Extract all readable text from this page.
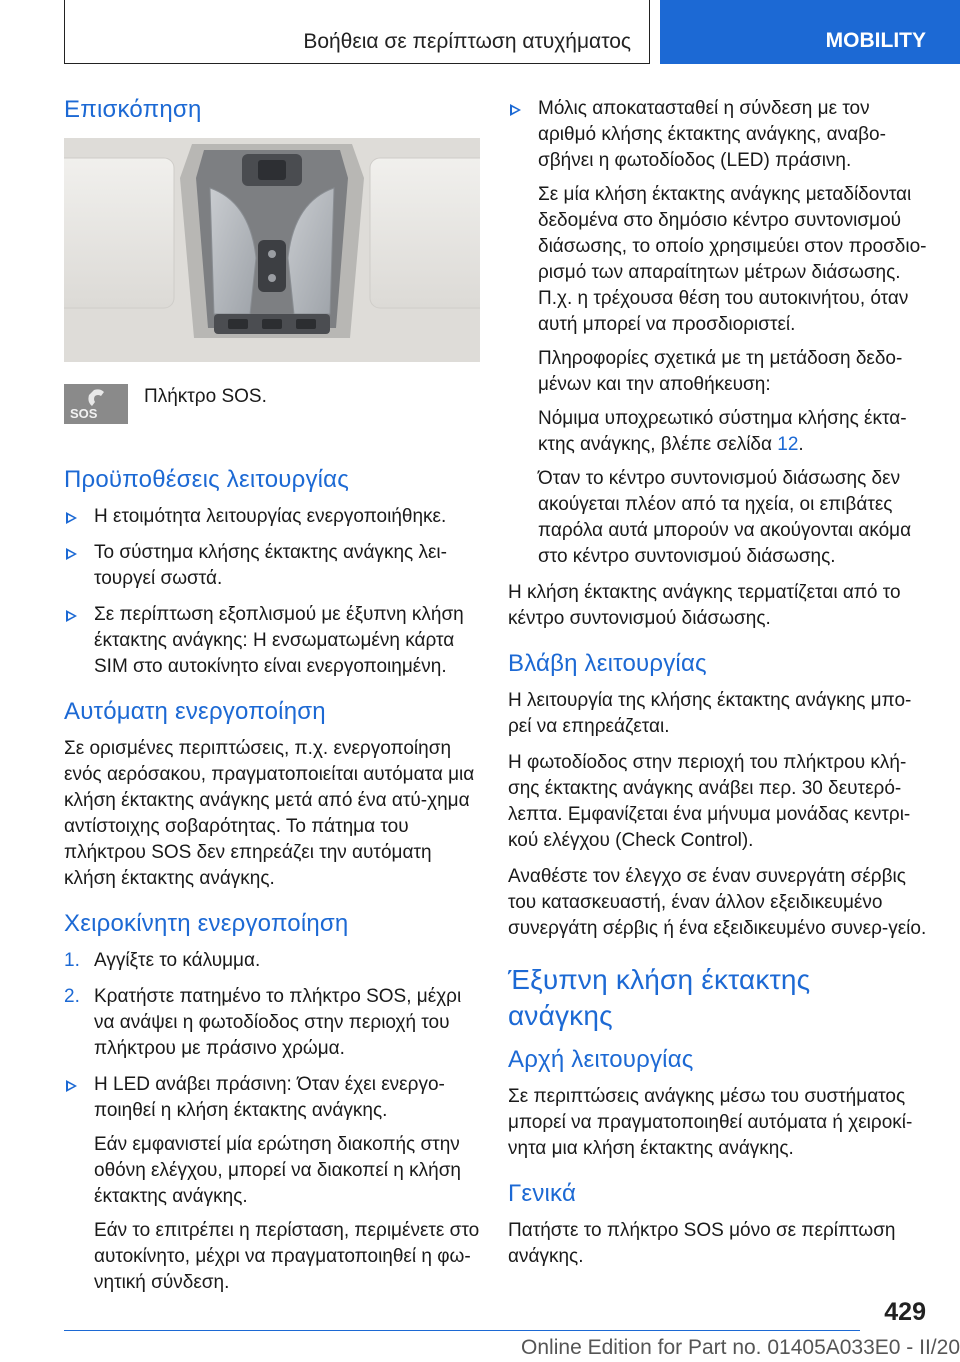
Βοήθεια σε περίπτωση ατυχήματος	MOBILITY
Επισκόπηση
SOS
Πλήκτρο SOS.
Προϋποθέσεις λειτουργίας
Η ετοιμότητα λειτουργίας ενεργοποιήθηκε.
Το σύστημα κλήσης έκτακτης ανάγκης λει-τουργεί σωστά.
Σε περίπτωση εξοπλισμού με έξυπνη κλήση έκτακτης ανάγκης: Η ενσωματωμένη κάρτα SIM στο αυτοκίνητο είναι ενεργοποιημένη.
Αυτόματη ενεργοποίηση

Σε ορισμένες περιπτώσεις, π.χ. ενεργοποίηση ενός αερόσακου, πραγματοποιείται αυτόματα μια κλήση έκτακτης ανάγκης μετά από ένα ατύ-χημα αντίστοιχης σοβαρότητας. Το πάτημα του πλήκτρου SOS δεν επηρεάζει την αυτόματη κλήση έκτακτης ανάγκης.

Χειροκίνητη ενεργοποίηση
1. Αγγίξτε το κάλυμμα.
2. Κρατήστε πατημένο το πλήκτρο SOS, μέχρι να ανάψει η φωτοδίοδος στην περιοχή του πλήκτρου με πράσινο χρώμα.
Η LED ανάβει πράσινη: Όταν έχει ενεργο-ποιηθεί η κλήση έκτακτης ανάγκης.
Εάν εμφανιστεί μία ερώτηση διακοπής στην οθόνη ελέγχου, μπορεί να διακοπεί η κλήση έκτακτης ανάγκης.
Εάν το επιτρέπει η περίσταση, περιμένετε στο αυτοκίνητο, μέχρι να πραγματοποιηθεί η φω-νητική σύνδεση.
Μόλις αποκατασταθεί η σύνδεση με τον αριθμό κλήσης έκτακτης ανάγκης, αναβο-σβήνει η φωτοδίοδος (LED) πράσινη.
Σε μία κλήση έκτακτης ανάγκης μεταδίδονται δεδομένα στο δημόσιο κέντρο συντονισμού διάσωσης, το οποίο χρησιμεύει στον προσδιο-ρισμό των απαραίτητων μέτρων διάσωσης. Π.χ. η τρέχουσα θέση του αυτοκινήτου, όταν αυτή μπορεί να προσδιοριστεί.
Πληροφορίες σχετικά με τη μετάδοση δεδο-μένων και την αποθήκευση:
Νόμιμα υποχρεωτικό σύστημα κλήσης έκτα-κτης ανάγκης, βλέπε σελίδα 12.
Όταν το κέντρο συντονισμού διάσωσης δεν ακούγεται πλέον από τα ηχεία, οι επιβάτες παρόλα αυτά μπορούν να ακούγονται ακόμα στο κέντρο συντονισμού διάσωσης.

Η κλήση έκτακτης ανάγκης τερματίζεται από το κέντρο συντονισμού διάσωσης.

Βλάβη λειτουργίας

Η λειτουργία της κλήσης έκτακτης ανάγκης μπο-ρεί να επηρεάζεται.

Η φωτοδίοδος στην περιοχή του πλήκτρου κλή-σης έκτακτης ανάγκης ανάβει περ. 30 δευτερό-λεπτα. Εμφανίζεται ένα μήνυμα μονάδας κεντρι-κού ελέγχου (Check Control).

Αναθέστε τον έλεγχο σε έναν συνεργάτη σέρβις του κατασκευαστή, έναν άλλον εξειδικευμένο συνεργάτη σέρβις ή ένα εξειδικευμένο συνερ-γείο.

Έξυπνη κλήση έκτακτης
ανάγκης
Αρχή λειτουργίας

Σε περιπτώσεις ανάγκης μέσω του συστήματος μπορεί να πραγματοποιηθεί αυτόματα ή χειροκί-νητα μια κλήση έκτακτης ανάγκης.

Γενικά

Πατήστε το πλήκτρο SOS μόνο σε περίπτωση ανάγκης.

429
Online Edition for Part no. 01405A033E0 - II/20
